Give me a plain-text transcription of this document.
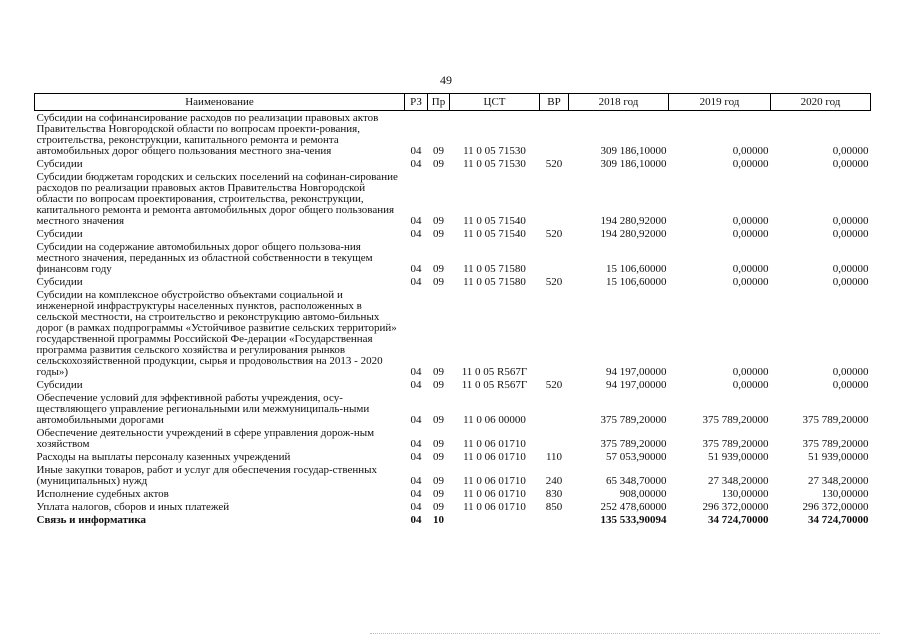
49
Наименование	РЗ	Пр	ЦСТ	ВР	2018 год	2019 год	2020 год
Субсидии на софинансирование расходов по реализации правовых актов Правительства Новгородской области по вопросам проекти-рования, строительства, реконструкции, капитального ремонта и ремонта автомобильных дорог общего пользования местного зна-чения	04	09	11 0 05 71530		309 186,10000	0,00000	0,00000
Субсидии	04	09	11 0 05 71530	520	309 186,10000	0,00000	0,00000
Субсидии бюджетам городских и сельских поселений на софинан-сирование расходов по реализации правовых актов Правительства Новгородской области по вопросам проектирования, строительства, реконструкции, капитального ремонта и ремонта автомобильных дорог общего пользования местного значения	04	09	11 0 05 71540		194 280,92000	0,00000	0,00000
Субсидии	04	09	11 0 05 71540	520	194 280,92000	0,00000	0,00000
Субсидии на содержание автомобильных дорог общего пользова-ния местного значения, переданных из областной собственности в текущем финансовм году	04	09	11 0 05 71580		15 106,60000	0,00000	0,00000
Субсидии	04	09	11 0 05 71580	520	15 106,60000	0,00000	0,00000
Субсидии на комплексное обустройство объектами социальной и инженерной инфраструктуры населенных пунктов, расположенных в сельской местности, на строительство и реконструкцию автомо-бильных дорог (в рамках подпрограммы «Устойчивое развитие сельских территорий» государственной программы Российской Фе-дерации «Государственная программа развития сельского хозяйства и регулирования рынков сельскохозяйственной продукции, сырья и продовольствия на 2013 - 2020 годы»)	04	09	11 0 05 R567Г		94 197,00000	0,00000	0,00000
Субсидии	04	09	11 0 05 R567Г	520	94 197,00000	0,00000	0,00000
Обеспечение условий для эффективной работы учреждения, осу-ществляющего управление региональными или межмуниципаль-ными автомобильными дорогами	04	09	11 0 06 00000		375 789,20000	375 789,20000	375 789,20000
Обеспечение деятельности учреждений в сфере управления дорож-ным хозяйством	04	09	11 0 06 01710		375 789,20000	375 789,20000	375 789,20000
Расходы на выплаты персоналу казенных учреждений	04	09	11 0 06 01710	110	57 053,90000	51 939,00000	51 939,00000
Иные закупки товаров, работ и услуг для обеспечения государ-ственных (муниципальных) нужд	04	09	11 0 06 01710	240	65 348,70000	27 348,20000	27 348,20000
Исполнение судебных актов	04	09	11 0 06 01710	830	908,00000	130,00000	130,00000
Уплата налогов, сборов и иных платежей	04	09	11 0 06 01710	850	252 478,60000	296 372,00000	296 372,00000
Связь и информатика	04	10			135 533,90094	34 724,70000	34 724,70000
